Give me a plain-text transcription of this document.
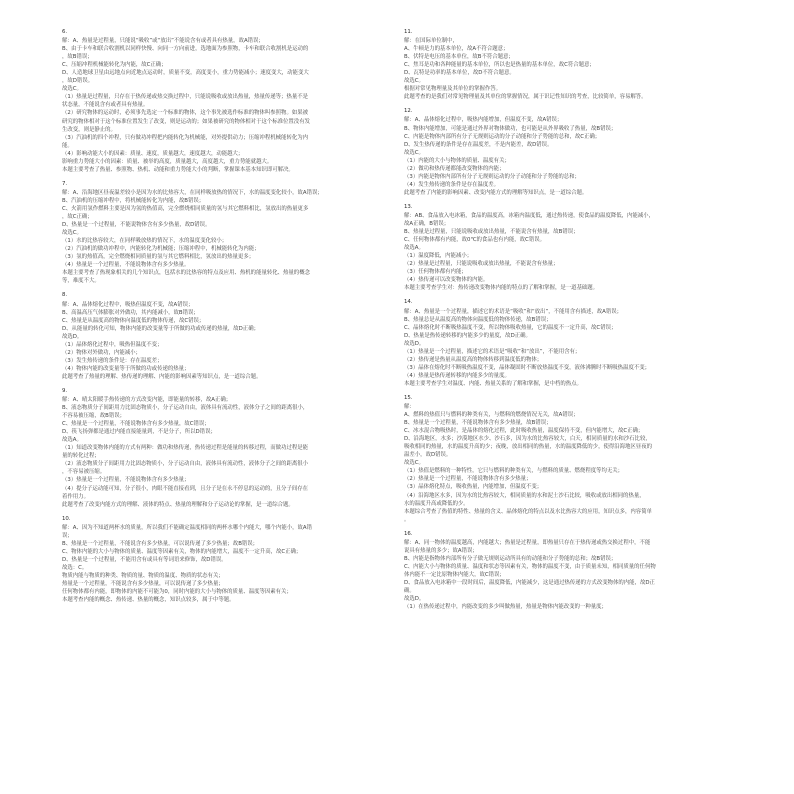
6.
解：A、热量是过程量，只能说“吸收”或“放出”不能说含有或者具有热量，故A错误；
B、由于卡车和联合收割机以同样快慢、向同一方向前进，选地面为参照物，卡车和联合收割机是运动的
，故B错误；
C、压缩冲程机械能转化为内能，故C正确；
D、人造地球卫星由远地点向近地点运动时，质量不变，高度变小，重力势能减小；速度变大，动能变大
，故D错误。
故选C。
（1）热量是过程量，只存在于热传递或热交换过程中，只能说吸收或放出热量，热量传递等；热量不是
状态量，不能说含有或者具有热量。
（2）研究物体的运动时，必须事先选定一个标准的物体，这个事先被选作标准的物体叫参照物。如果被
研究的物体相对于这个标准位置发生了改变，则是运动的；如果被研究的物体相对于这个标准位置没有发
生改变，则是静止的。
（3）汽油机的四个冲程，只有做功冲程把内能转化为机械能，对外提供动力；压缩冲程机械能转化为内
能。
（4）影响动能大小的因素：质量、速度，质量越大，速度越大，动能越大；
影响重力势能大小的因素：质量、被举的高度，质量越大，高度越大，重力势能就越大。
本题主要考查了热量、参照物、热机、动能和重力势能大小的判断，掌握课本基本知识即可解决。
7.
解：A、沿海地区昼夜温差较小是因为水的比热容大，在同样吸放热的情况下，水的温度变化较小，故A错误；
B、汽油机的压缩冲程中，将机械能转化为内能，故B错误；
C、火箭用氢作燃料主要是因为氢的热值高，完全燃烧相同质量的氢与其它燃料相比，氢放出的热量更多
，故C正确；
D、热量是一个过程量，不能说物体含有多少热量，故D错误。
故选C。
（1）水的比热容较大，在同样吸放热的情况下，水的温度变化较小；
（2）汽油机的做功冲程中，内能转化为机械能；压缩冲程中，机械能转化为内能；
（3）氢的热值高，完全燃烧相同质量的氢与其它燃料相比，氢放出的热量更多；
（4）热量是一个过程量，不能说物体含有多少热量。
本题主要考查了热现象相关的几个知识点，包括水的比热容的特点及应用、热机的能量转化、热量的概念
等，难度不大。
8.
解：A、晶体熔化过程中，吸热但温度不变，故A错误；
B、高温高压气体膨胀对外做功，其内能减小，故B错误；
C、热量是从温度高的物体向温度低的物体传递，故C错误；
D、从能量的转化可知，物体内能的改变量等于所做的功或传递的热量，故D正确；
故选D。
（1）晶体熔化过程中，吸热但温度不变；
（2）物体对外做功，内能减小；
（3）发生热传递的条件是：存在温度差；
（4）物体内能的改变量等于所做的功或传递的热量；
此题考查了热量的理解、热传递的理解、内能的影响因素等知识点，是一道综合题。
9.
解：A、晴太阳暖手热传递的方式改变内能，即能量的转移，故A正确；
B、液态物质分子间距用力比固态物质小，分子运动自由，液体具有流动性，液体分子之间的距离很小，
不容易被压缩，故B错误；
C、热量是一个过程量，不能说物体含有多少热量，故C错误；
D、筷飞扬弹都是通过内能直接能量到，不是分子，所以D错误；
故选A。
（1）知道改变物体内能的方式有两种：做功和热传递，热传递过程是能量的转移过程，而做功过程是能
量的转化过程；
（2）液态物质分子间距用力比固态物质小，分子运动自由，液体具有流动性，液体分子之间的距离很小
，不容易被压缩。
（3）热量是一个过程量，不能说物体含有多少热量；
（4）提分子运动能可知，分子很小，肉眼不能直接看到，且分子是在永不停息的运动的，且分子间存在
着作用力。
此题考查了改变内能方式的理解、液体的特点、热量的理解和分子运动论的掌握，是一道综合题。
10.
解：A、因为不知道两杯水的质量，所以我们不能确定温度相同的两杯水哪个内能大，哪个内能小，故A错
误；
B、热量是一个过程量，不能说含有多少热量，可以说传递了多少热量；故B错误；
C、物体内能的大小与物体的质量、温度等因素有关，物体的内能增大，温度不一定升高，故C正确；
D、热量是一个过程量，不能用含有或具有等词语来修饰，故D错误。
故选：C。
物质内能与物质的种类、物质的量、物质的温度、物质的状态有关；
热量是一个过程量，不能说含有多少热量，可以说传递了多少热量；
任何物体都有内能，即物体的内能不可能为0，同时内能的大小与物体的质量、温度等因素有关；
本题考查内能的概念、热传递、热量的概念，知识点较多，属于中等题。
11.
解：在国际单位制中，
A、牛顿是力的基本单位，故A不符合题意；
B、伏特是电压的基本单位，故B不符合题意；
C、焦耳是功和各种能量的基本单位，所以也是热量的基本单位，故C符合题意；
D、瓦特是功率的基本单位，故D不符合题意。
故选C。
根据对常见物理量及其单位的掌握作答。
此题考查的是我们对常见物理量及其单位的掌握情况，属于识记性知识的考查，比较简单，容易解答。
12.
解：A、晶体熔化过程中，吸热内能增加，但温度不变，故A错误；
B、物体内能增加，可能是通过外界对物体做功，也可能是从外界吸收了热量，故B错误；
C、内能是物体内部所有分子无规则运动的分子动能和分子势能的总和，故C正确；
D、发生热传递的条件是存在温度差，不是内能差，故D错误。
故选C。
（1）内能的大小与物体的质量、温度有关；
（2）做功和热传递都能改变物体的内能；
（3）内能是物体内部所有分子无规则运动的分子动能和分子势能的总和；
（4）发生热传递的条件是存在温度差。
此题考查了内能的影响因素、改变内能方式的理解等知识点，是一道综合题。
13.
解：AB、食品放入电冰箱，食品的温度高，冰箱内温度低，通过热传递，使食品的温度降低，内能减小，
故A正确，B错误；
B、热量是过程量，只能说吸收或放出热量，不能说含有热量，故B错误；
C、任何物体都有内能，故0℃的食品也有内能，故C错误。
故选A。
（1）温度降低，内能减小；
（2）热量是过程量，只能说吸收或放出热量，不能说含有热量；
（3）任何物体都有内能；
（4）热传递可以改变物体的内能。
本题主要考查学生对：热传递改变物体内能的特点的了解和掌握，是一道基础题。
14.
解：A、热量是一个过程量，描述它的术语是“吸收”和“放出”，不能用含有描述，故A错误；
B、热量总是从温度高的物体向温度低的物体传递，故B错误；
C、晶体熔化时不断吸热温度不变，所以物体吸收热量，它的温度不一定升高，故C错误；
D、热量是热传递转移的内能多少的量度，故D正确。
故选D。
（1）热量是一个过程量，描述它的术语是“吸收”和“放出”，不能用含有；
（2）热传递是热量从温度高的物体转移到温度低的物体；
（3）晶体在熔化时不断吸热温度不变，晶体凝固时不断放热温度不变，液体沸腾时不断吸热温度不变；
（4）热量是热传递转移的内能多少的量度。
本题主要考查学生对温度、内能、热量关系的了解和掌握，是中档的热点。
15.
解：
A、燃料的热值只与燃料的种类有关，与燃料的燃烧情况无关，故A错误；
B、热量是一个过程量，不能说物体含有多少热量，故B错误；
C、冰水混合物吸热时，是晶体的熔化过程，此时吸收热量，温度保持不变，但内能增大，故C正确；
D、沿海地区，水多；沙漠地区水少、沙石多，因为水的比热容较大，白天，相同质量的水和沙石比较，
吸收相同的热量，水的温度升高的少；夜晚，放出相同的热量，水的温度降低的少，使得沿海地区昼夜的
温差小，故D错误。
故选C。
（1）热值是燃料的一种特性，它只与燃料的种类有关，与燃料的质量、燃烧程度等均无关；
（2）热量是一个过程量，不能说物体含有多少热量；
（3）晶体熔化特点，吸收热量，内能增加，但温度不变；
（4）沿海地区水多，因为水的比热容较大，相同质量的水和泥土沙石比较，吸收或放出相同的热量，
水的温度升高或降低的少。
本题综合考查了热值的特性、热量的含义、晶体熔化的特点以及水比热容大的应用，知识点多，内容简单
。
16.
解：A、同一物体的温度越高，内能越大；热量是过程量，即热量只存在于热传递或热交换过程中，不能
说具有热量的多少；故A错误；
B、内能是指物体内部所有分子做无规则运动所具有的动能和分子势能的总和；故B错误；
C、内能大小与物体的质量、温度和状态等因素有关，物体的温度不变，由于质量未知，相同质量的任何物
体内能不一定比原物体内能大，故C错误；
D、食品放入电冰箱中一段时间后，温度降低，内能减少，这是通过热传递的方式改变物体的内能，故D正
确。
故选D。
（1）在热传递过程中，内能改变的多少叫做热量，热量是物体内能改变的一种量度；
